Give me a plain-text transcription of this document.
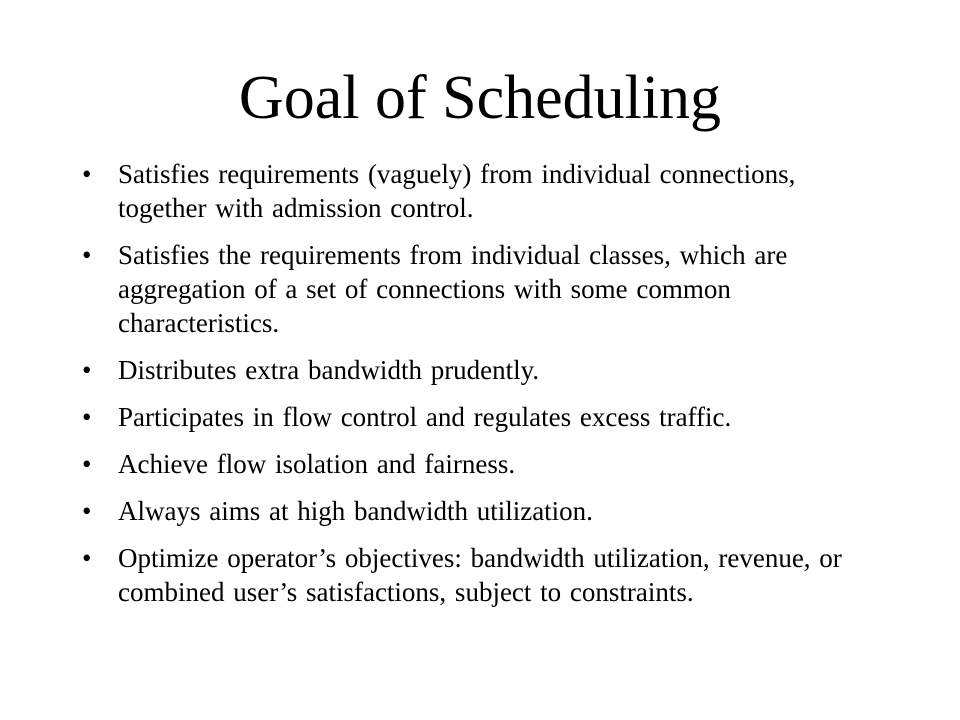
Goal of Scheduling
• Satisfies requirements (vaguely) from individual connections, together with admission control.
• Satisfies the requirements from individual classes, which are aggregation of a set of connections with some common characteristics.
• Distributes extra bandwidth prudently.
• Participates in flow control and regulates excess traffic.
• Achieve flow isolation and fairness.
• Always aims at high bandwidth utilization.
• Optimize operator’s objectives: bandwidth utilization, revenue, or combined user’s satisfactions, subject to constraints.
